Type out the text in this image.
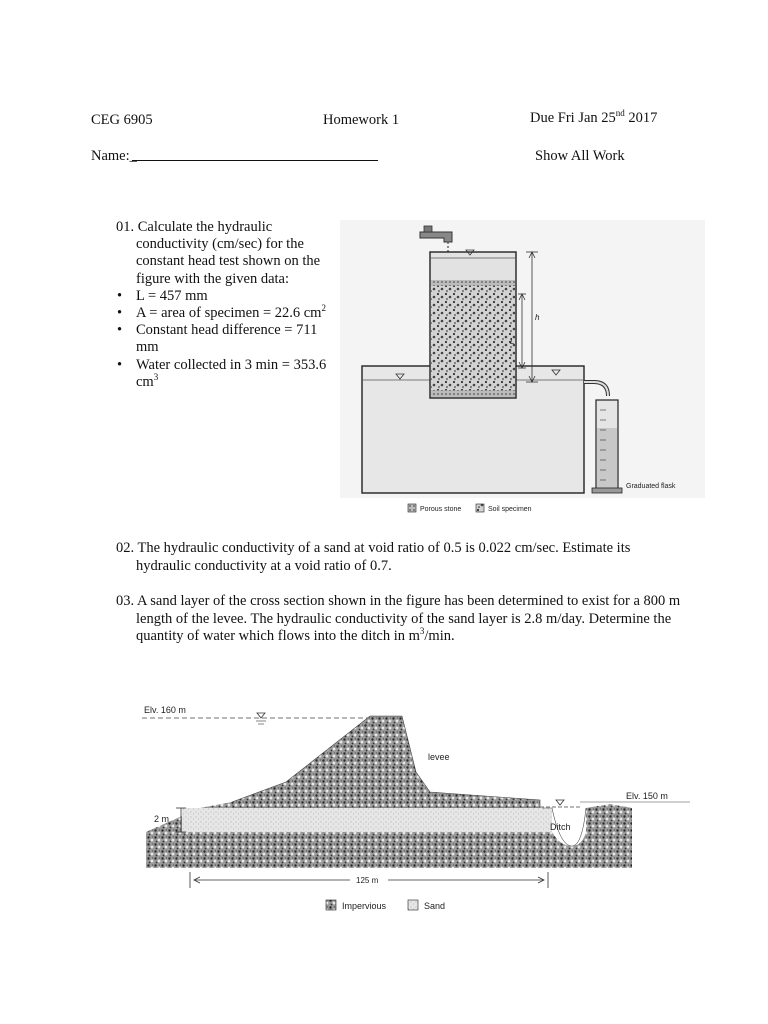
CEG 6905	Homework 1	Due Fri Jan 25nd 2017
Name:_	Show All Work
01. Calculate the hydraulic conductivity (cm/sec) for the constant head test shown on the figure with the given data:
• L = 457 mm
• A = area of specimen = 22.6 $cm^2$
• Constant head difference = 711 mm
• Water collected in 3 min = 353.6 $cm^3$
h
L
Graduated flask
Porous stone	Soil specimen
02. The hydraulic conductivity of a sand at void ratio of 0.5 is 0.022 cm/sec. Estimate its hydraulic conductivity at a void ratio of 0.7.
03. A sand layer of the cross section shown in the figure has been determined to exist for a 800 m length of the levee. The hydraulic conductivity of the sand layer is 2.8 m/day. Determine the quantity of water which flows into the ditch in $m^3/\min$.
Elv. 160 m
levee
Elv. 150 m
Ditch
2 m
125 m
Impervious	Sand
